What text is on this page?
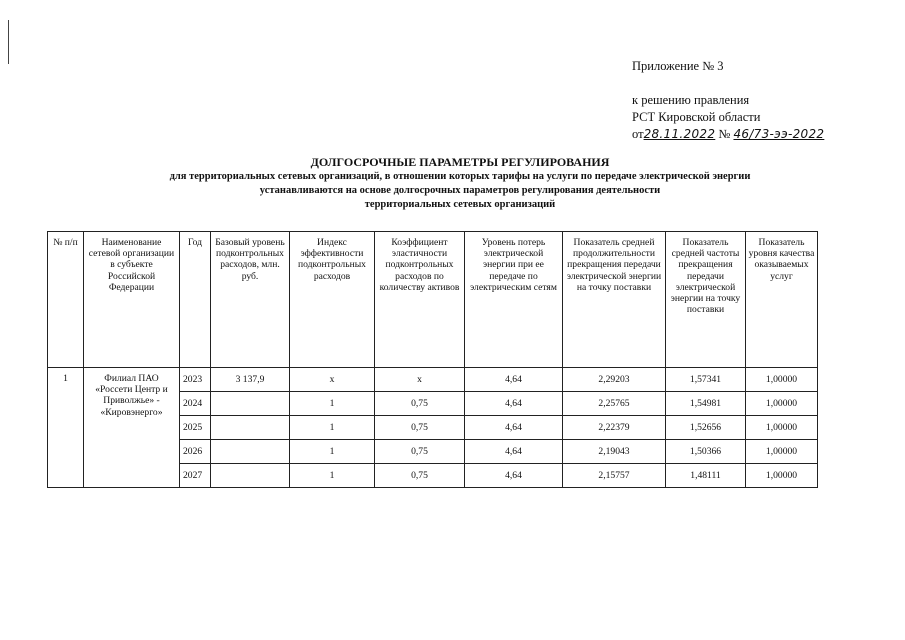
Приложение № 3
к решению правления
РСТ Кировской области
от28.11.2022 № 46/73-ээ-2022
ДОЛГОСРОЧНЫЕ ПАРАМЕТРЫ РЕГУЛИРОВАНИЯ
для территориальных сетевых организаций, в отношении которых тарифы на услуги по передаче электрической энергии
устанавливаются на основе долгосрочных параметров регулирования деятельности
территориальных сетевых организаций
№ п/п	Наименование сетевой организации в субъекте Российской Федерации	Год	Базовый уровень подконтрольных расходов, млн. руб.	Индекс эффективности подконтрольных расходов	Коэффициент эластичности подконтрольных расходов по количеству активов	Уровень потерь электрической энергии при ее передаче по электрическим сетям	Показатель средней продолжительности прекращения передачи электрической энергии на точку поставки	Показатель средней частоты прекращения передачи электрической энергии на точку поставки	Показатель уровня качества оказываемых услуг
1	Филиал ПАО «Россети Центр и Приволжье» - «Кировэнерго»	2023	3 137,9	x	x	4,64	2,29203	1,57341	1,00000
		2024		1	0,75	4,64	2,25765	1,54981	1,00000
		2025		1	0,75	4,64	2,22379	1,52656	1,00000
		2026		1	0,75	4,64	2,19043	1,50366	1,00000
		2027		1	0,75	4,64	2,15757	1,48111	1,00000
